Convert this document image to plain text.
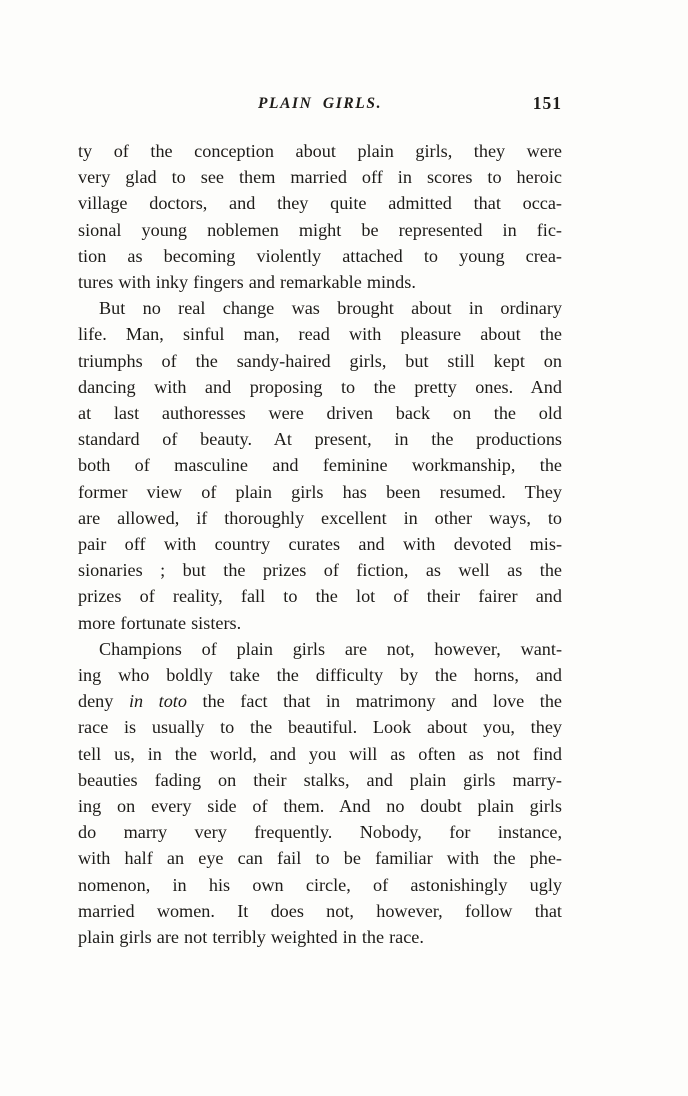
PLAIN GIRLS.	151
ty of the conception about plain girls, they were
very glad to see them married off in scores to heroic
village doctors, and they quite admitted that occa-
sional young noblemen might be represented in fic-
tion as becoming violently attached to young crea-
tures with inky fingers and remarkable minds.
But no real change was brought about in ordinary
life. Man, sinful man, read with pleasure about the
triumphs of the sandy-haired girls, but still kept on
dancing with and proposing to the pretty ones. And
at last authoresses were driven back on the old
standard of beauty. At present, in the productions
both of masculine and feminine workmanship, the
former view of plain girls has been resumed. They
are allowed, if thoroughly excellent in other ways, to
pair off with country curates and with devoted mis-
sionaries ; but the prizes of fiction, as well as the
prizes of reality, fall to the lot of their fairer and
more fortunate sisters.
Champions of plain girls are not, however, want-
ing who boldly take the difficulty by the horns, and
deny in toto the fact that in matrimony and love the
race is usually to the beautiful. Look about you, they
tell us, in the world, and you will as often as not find
beauties fading on their stalks, and plain girls marry-
ing on every side of them. And no doubt plain girls
do marry very frequently. Nobody, for instance,
with half an eye can fail to be familiar with the phe-
nomenon, in his own circle, of astonishingly ugly
married women. It does not, however, follow that
plain girls are not terribly weighted in the race.
